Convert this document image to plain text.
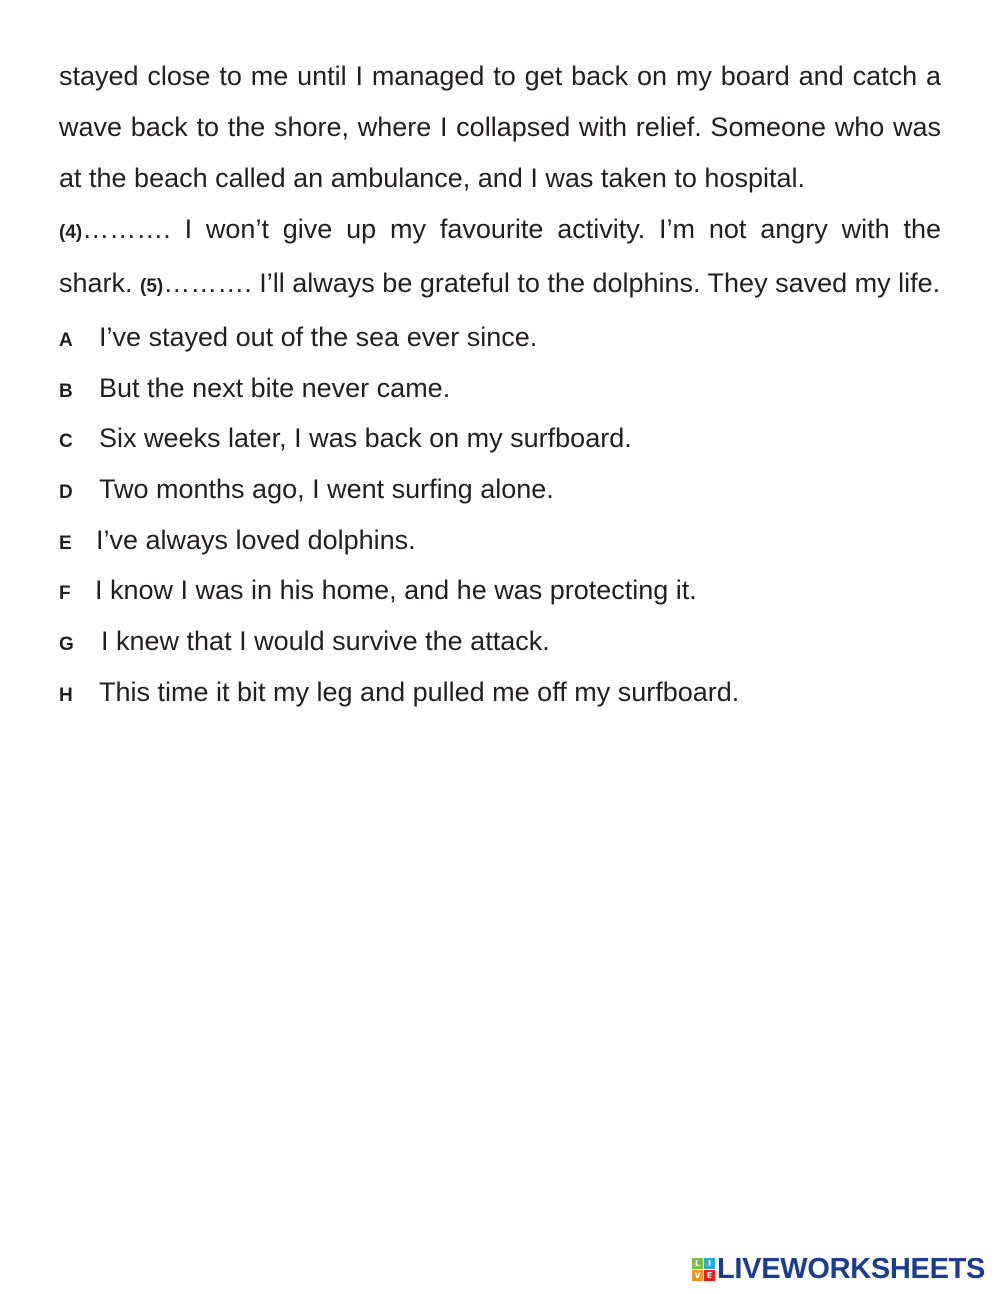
stayed close to me until I managed to get back on my board and catch a wave back to the shore, where I collapsed with relief. Someone who was at the beach called an ambulance, and I was taken to hospital.

(4)………. I won’t give up my favourite activity. I’m not angry with the shark. (5)………. I’ll always be grateful to the dolphins. They saved my life.

A I’ve stayed out of the sea ever since.
B But the next bite never came.
C Six weeks later, I was back on my surfboard.
D Two months ago, I went surfing alone.
E I’ve always loved dolphins.
F I know I was in his home, and he was protecting it.
G	I knew that I would survive the attack.
H This time it bit my leg and pulled me off my surfboard.
L I
V E LIVEWORKSHEETS
